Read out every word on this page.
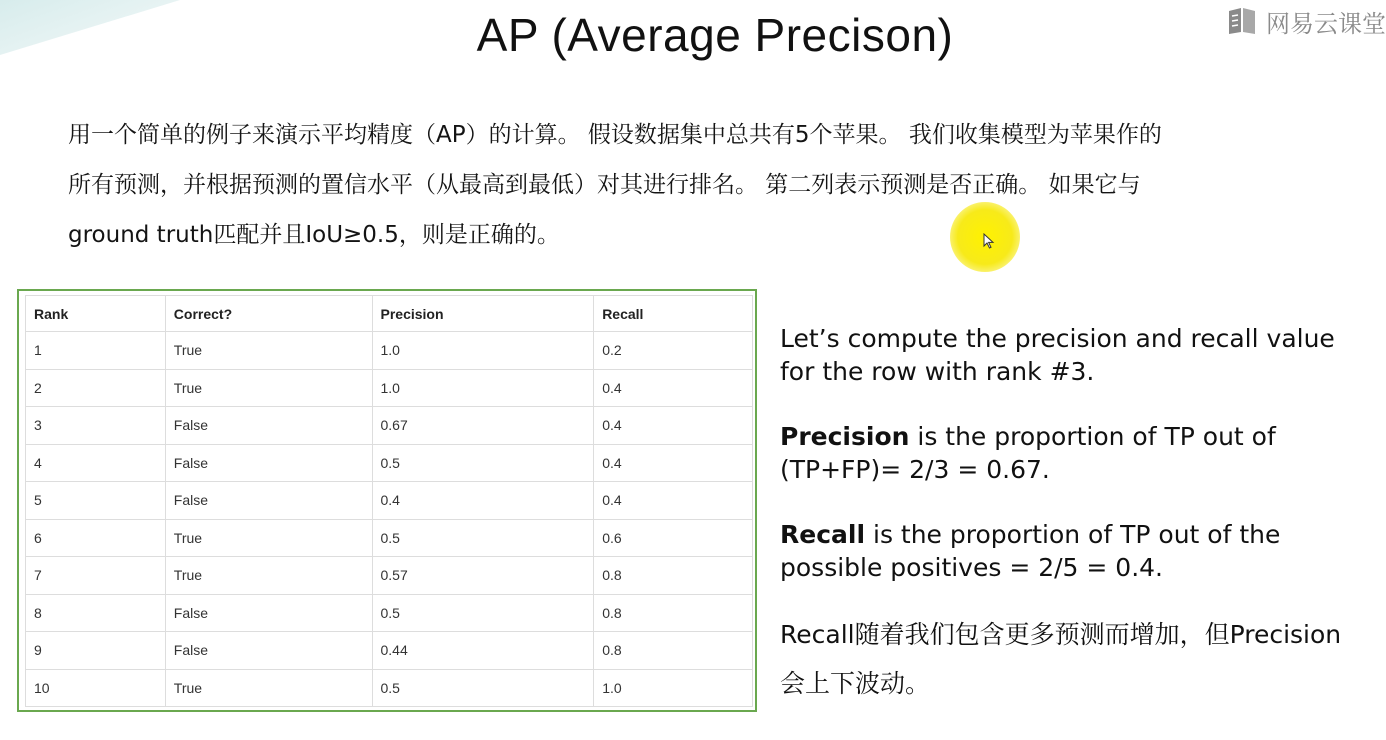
AP (Average Precison)	网易云课堂

用一个简单的例子来演示平均精度（AP）的计算。 假设数据集中总共有5个苹果。 我们收集模型为苹果作的

所有预测，并根据预测的置信水平（从最高到最低）对其进行排名。 第二列表示预测是否正确。 如果它与

ground truth匹配并且IoU≥0.5，则是正确的。

Rank	Correct?	Precision	Recall
1	True	1.0	0.2
2	True	1.0	0.4
3	False	0.67	0.4
4	False	0.5	0.4
5	False	0.4	0.4
6	True	0.5	0.6
7	True	0.57	0.8
8	False	0.5	0.8
9	False	0.44	0.8
10	True	0.5	1.0

Let’s compute the precision and recall value
for the row with rank #3.

Precision is the proportion of TP out of
(TP+FP)= 2/3 = 0.67.

Recall is the proportion of TP out of the
possible positives = 2/5 = 0.4.

Recall随着我们包含更多预测而增加，但Precision
会上下波动。
